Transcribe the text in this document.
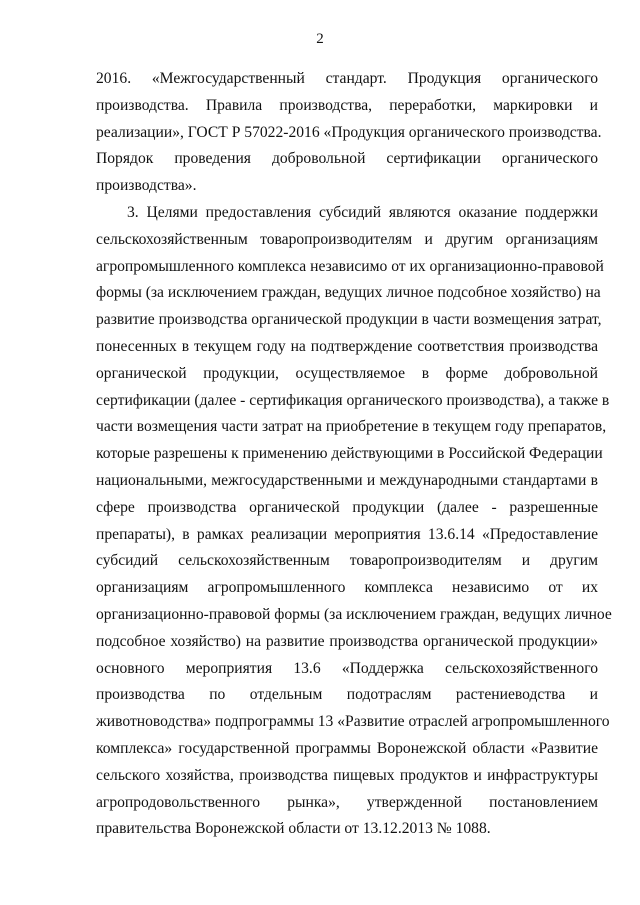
2
2016. «Межгосударственный стандарт. Продукция органического
производства. Правила производства, переработки, маркировки и
реализации», ГОСТ Р 57022-2016 «Продукция органического производства.
Порядок проведения добровольной сертификации органического
производства».
3. Целями предоставления субсидий являются оказание поддержки
сельскохозяйственным товаропроизводителям и другим организациям
агропромышленного комплекса независимо от их организационно-правовой
формы (за исключением граждан, ведущих личное подсобное хозяйство) на
развитие производства органической продукции в части возмещения затрат,
понесенных в текущем году на подтверждение соответствия производства
органической продукции, осуществляемое в форме добровольной
сертификации (далее - сертификация органического производства), а также в
части возмещения части затрат на приобретение в текущем году препаратов,
которые разрешены к применению действующими в Российской Федерации
национальными, межгосударственными и международными стандартами в
сфере производства органической продукции (далее - разрешенные
препараты), в рамках реализации мероприятия 13.6.14 «Предоставление
субсидий сельскохозяйственным товаропроизводителям и другим
организациям агропромышленного комплекса независимо от их
организационно-правовой формы (за исключением граждан, ведущих личное
подсобное хозяйство) на развитие производства органической продукции»
основного мероприятия 13.6 «Поддержка сельскохозяйственного
производства по отдельным подотраслям растениеводства и
животноводства» подпрограммы 13 «Развитие отраслей агропромышленного
комплекса» государственной программы Воронежской области «Развитие
сельского хозяйства, производства пищевых продуктов и инфраструктуры
агропродовольственного рынка», утвержденной постановлением
правительства Воронежской области от 13.12.2013 № 1088.
